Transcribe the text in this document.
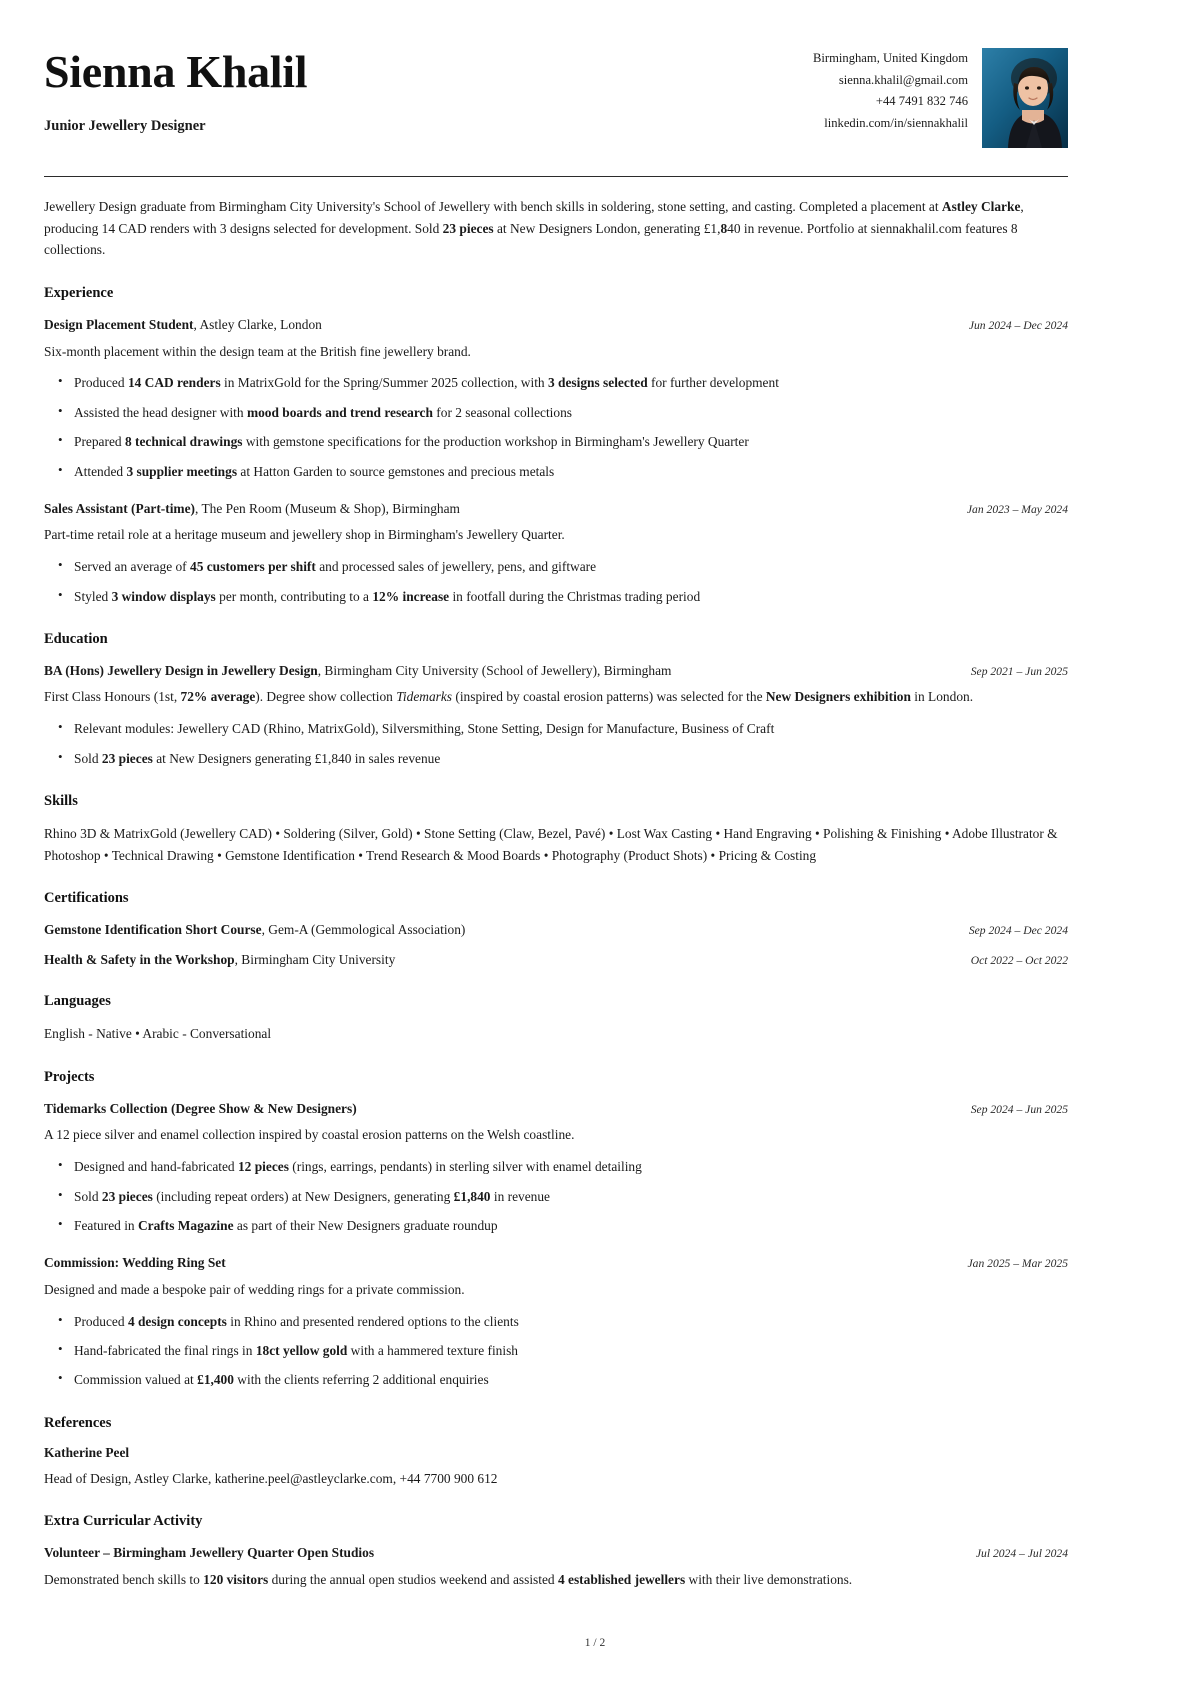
Sienna Khalil
Junior Jewellery Designer
Birmingham, United Kingdom
sienna.khalil@gmail.com
+44 7491 832 746
linkedin.com/in/siennakhalil
Jewellery Design graduate from Birmingham City University's School of Jewellery with bench skills in soldering, stone setting, and casting. Completed a placement at Astley Clarke, producing 14 CAD renders with 3 designs selected for development. Sold 23 pieces at New Designers London, generating £1,840 in revenue. Portfolio at siennakhalil.com features 8 collections.
Experience
Design Placement Student, Astley Clarke, London	Jun 2024 – Dec 2024
Six-month placement within the design team at the British fine jewellery brand.
• Produced 14 CAD renders in MatrixGold for the Spring/Summer 2025 collection, with 3 designs selected for further development
• Assisted the head designer with mood boards and trend research for 2 seasonal collections
• Prepared 8 technical drawings with gemstone specifications for the production workshop in Birmingham's Jewellery Quarter
• Attended 3 supplier meetings at Hatton Garden to source gemstones and precious metals
Sales Assistant (Part-time), The Pen Room (Museum & Shop), Birmingham	Jan 2023 – May 2024
Part-time retail role at a heritage museum and jewellery shop in Birmingham's Jewellery Quarter.
• Served an average of 45 customers per shift and processed sales of jewellery, pens, and giftware
• Styled 3 window displays per month, contributing to a 12% increase in footfall during the Christmas trading period
Education
BA (Hons) Jewellery Design in Jewellery Design, Birmingham City University (School of Jewellery), Birmingham	Sep 2021 – Jun 2025
First Class Honours (1st, 72% average). Degree show collection Tidemarks (inspired by coastal erosion patterns) was selected for the New Designers exhibition in London.
• Relevant modules: Jewellery CAD (Rhino, MatrixGold), Silversmithing, Stone Setting, Design for Manufacture, Business of Craft
• Sold 23 pieces at New Designers generating £1,840 in sales revenue
Skills
Rhino 3D & MatrixGold (Jewellery CAD) • Soldering (Silver, Gold) • Stone Setting (Claw, Bezel, Pavé) • Lost Wax Casting • Hand Engraving • Polishing & Finishing • Adobe Illustrator & Photoshop • Technical Drawing • Gemstone Identification • Trend Research & Mood Boards • Photography (Product Shots) • Pricing & Costing
Certifications
Gemstone Identification Short Course, Gem-A (Gemmological Association)	Sep 2024 – Dec 2024
Health & Safety in the Workshop, Birmingham City University	Oct 2022 – Oct 2022
Languages
English - Native • Arabic - Conversational
Projects
Tidemarks Collection (Degree Show & New Designers)	Sep 2024 – Jun 2025
A 12 piece silver and enamel collection inspired by coastal erosion patterns on the Welsh coastline.
• Designed and hand-fabricated 12 pieces (rings, earrings, pendants) in sterling silver with enamel detailing
• Sold 23 pieces (including repeat orders) at New Designers, generating £1,840 in revenue
• Featured in Crafts Magazine as part of their New Designers graduate roundup
Commission: Wedding Ring Set	Jan 2025 – Mar 2025
Designed and made a bespoke pair of wedding rings for a private commission.
• Produced 4 design concepts in Rhino and presented rendered options to the clients
• Hand-fabricated the final rings in 18ct yellow gold with a hammered texture finish
• Commission valued at £1,400 with the clients referring 2 additional enquiries
References
Katherine Peel
Head of Design, Astley Clarke, katherine.peel@astleyclarke.com, +44 7700 900 612
Extra Curricular Activity
Volunteer – Birmingham Jewellery Quarter Open Studios	Jul 2024 – Jul 2024
Demonstrated bench skills to 120 visitors during the annual open studios weekend and assisted 4 established jewellers with their live demonstrations.
1 / 2
